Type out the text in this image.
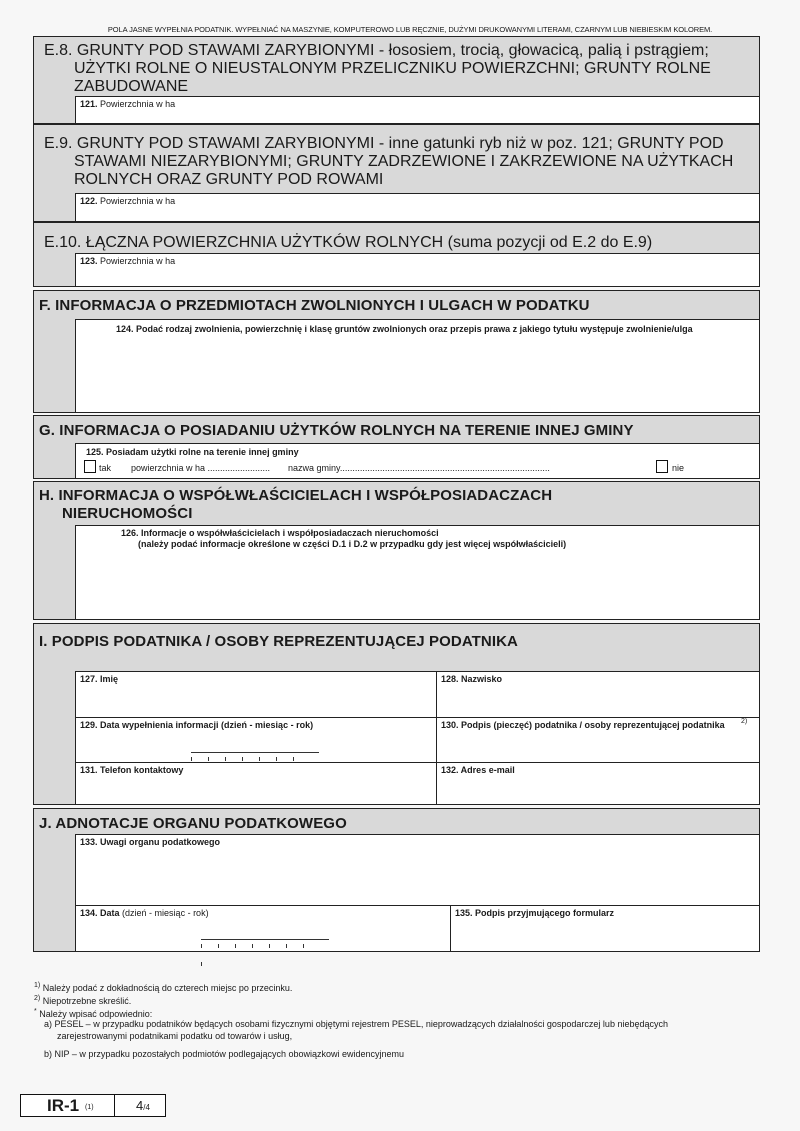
POLA JASNE WYPEŁNIA PODATNIK. WYPEŁNIAĆ NA MASZYNIE, KOMPUTEROWO LUB RĘCZNIE, DUŻYMI DRUKOWANYMI LITERAMI, CZARNYM LUB NIEBIESKIM KOLOREM.
E.8. GRUNTY POD STAWAMI ZARYBIONYMI - łososiem, trocią, głowacicą, palią i pstrągiem;
UŻYTKI ROLNE O NIEUSTALONYM PRZELICZNIKU POWIERZCHNI; GRUNTY ROLNE
ZABUDOWANE
121. Powierzchnia w ha
E.9. GRUNTY POD STAWAMI ZARYBIONYMI - inne gatunki ryb niż w poz. 121; GRUNTY POD
STAWAMI NIEZARYBIONYMI; GRUNTY ZADRZEWIONE I ZAKRZEWIONE NA UŻYTKACH
ROLNYCH ORAZ GRUNTY POD ROWAMI
122. Powierzchnia w ha
E.10. ŁĄCZNA POWIERZCHNIA UŻYTKÓW ROLNYCH (suma pozycji od E.2 do E.9)
123. Powierzchnia w ha
F. INFORMACJA O PRZEDMIOTACH ZWOLNIONYCH I ULGACH W PODATKU
124. Podać rodzaj zwolnienia, powierzchnię i klasę gruntów zwolnionych oraz przepis prawa z jakiego tytułu występuje zwolnienie/ulga
G. INFORMACJA O POSIADANIU UŻYTKÓW ROLNYCH NA TERENIE INNEJ GMINY
125. Posiadam użytki rolne na terenie innej gminy
tak powierzchnia w ha ......................... nazwa gminy....................................................................................	nie
H. INFORMACJA O WSPÓŁWŁAŚCICIELACH I WSPÓŁPOSIADACZACH
NIERUCHOMOŚCI
126. Informacje o współwłaścicielach i współposiadaczach nieruchomości
(należy podać informacje określone w części D.1 i D.2 w przypadku gdy jest więcej współwłaścicieli)
I. PODPIS PODATNIKA / OSOBY REPREZENTUJĄCEJ PODATNIKA
127. Imię	128. Nazwisko
129. Data wypełnienia informacji (dzień - miesiąc - rok)	130. Podpis (pieczęć) podatnika / osoby reprezentującej podatnika 2)
131. Telefon kontaktowy	132. Adres e-mail
J. ADNOTACJE ORGANU PODATKOWEGO
133. Uwagi organu podatkowego
134. Data (dzień - miesiąc - rok)	135. Podpis przyjmującego formularz
$^{1)}$ Należy podać z dokładnością do czterech miejsc po przecinku.
$^{2)}$ Niepotrzebne skreślić.
* Należy wpisać odpowiednio:
a) PESEL – w przypadku podatników będących osobami fizycznymi objętymi rejestrem PESEL, nieprowadzących działalności gospodarczej lub niebędących
zarejestrowanymi podatnikami podatku od towarów i usług,
b) NIP – w przypadku pozostałych podmiotów podlegających obowiązkowi ewidencyjnemu
IR-1 (1)	4/4
